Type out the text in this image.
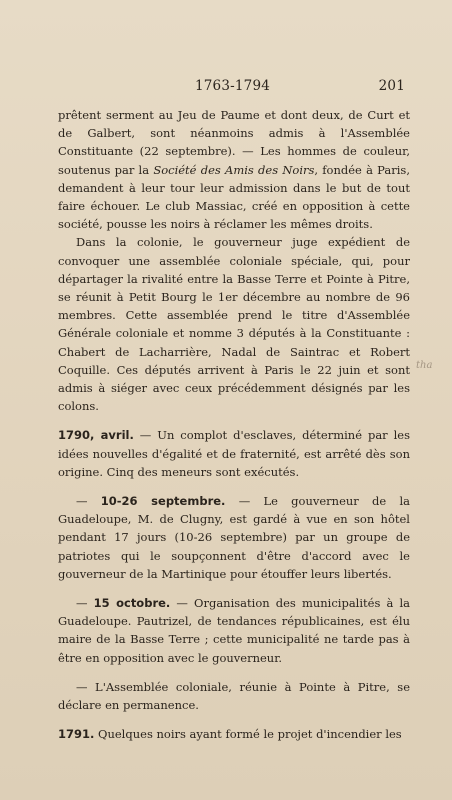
1763-1794	201

prêtent serment au Jeu de Paume et dont deux, de Curt et de Galbert, sont néanmoins admis à l'Assemblée Constituante (22 septembre). — Les hommes de couleur, soutenus par la Société des Amis des Noirs, fondée à Paris, demandent à leur tour leur admission dans le but de tout faire échouer. Le club Massiac, créé en opposition à cette société, pousse les noirs à réclamer les mêmes droits.

Dans la colonie, le gouverneur juge expédient de convoquer une assemblée coloniale spéciale, qui, pour départager la rivalité entre la Basse Terre et Pointe à Pitre, se réunit à Petit Bourg le 1er décembre au nombre de 96 membres. Cette assemblée prend le titre d'Assemblée Générale coloniale et nomme 3 députés à la Constituante : Chabert de Lacharrière, Nadal de Saintrac et Robert Coquille. Ces députés arrivent à Paris le 22 juin et sont admis à siéger avec ceux précédemment désignés par les colons.

1790, avril. — Un complot d'esclaves, déterminé par les idées nouvelles d'égalité et de fraternité, est arrêté dès son origine. Cinq des meneurs sont exécutés.

— 10-26 septembre. — Le gouverneur de la Guadeloupe, M. de Clugny, est gardé à vue en son hôtel pendant 17 jours (10-26 septembre) par un groupe de patriotes qui le soupçonnent d'être d'accord avec le gouverneur de la Martinique pour étouffer leurs libertés.

— 15 octobre. — Organisation des municipalités à la Guadeloupe. Pautrizel, de tendances républicaines, est élu maire de la Basse Terre ; cette municipalité ne tarde pas à être en opposition avec le gouverneur.

— L'Assemblée coloniale, réunie à Pointe à Pitre, se déclare en permanence.

1791. Quelques noirs ayant formé le projet d'incendier les

tha
